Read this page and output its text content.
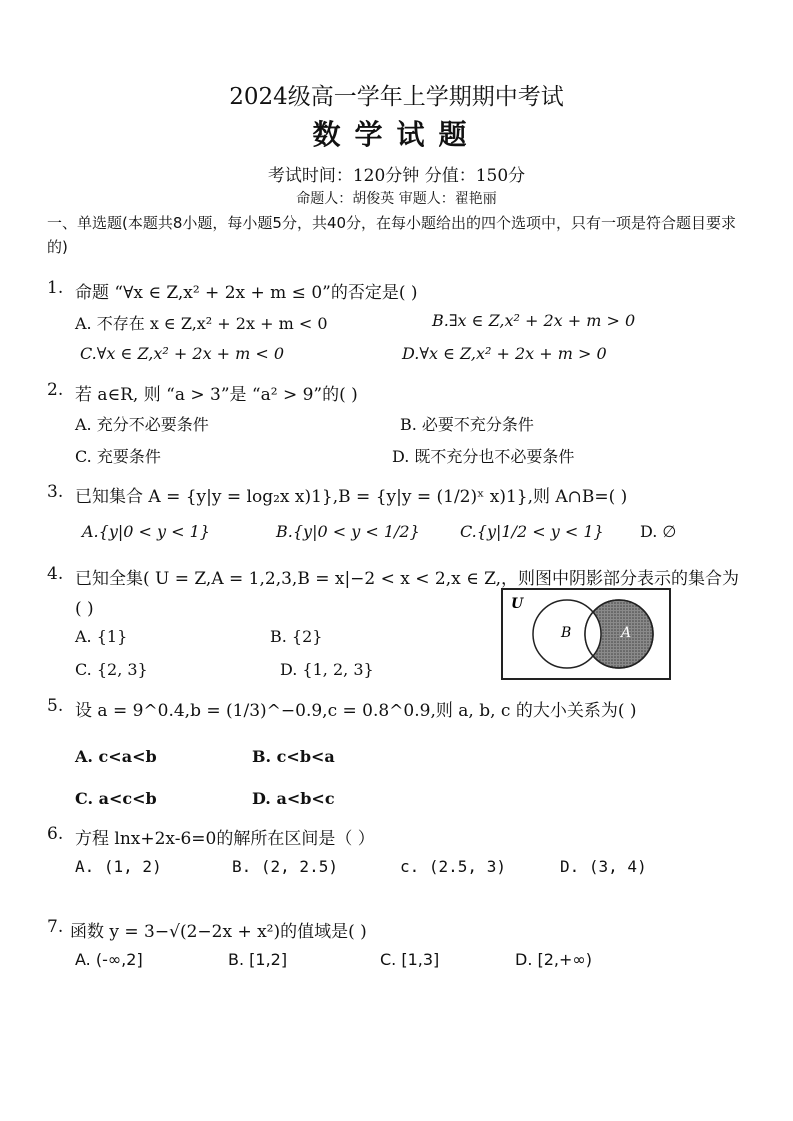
2024级高一学年上学期期中考试
数学试题
考试时间：120分钟 分值：150分
命题人：胡俊英 审题人：翟艳丽
一、单选题(本题共8小题，每小题5分，共40分，在每小题给出的四个选项中，只有一项是符合题目要求的)
1. 命题 “∀x ∈ Z,x² + 2x + m ≤ 0”的否定是( )
A. 不存在 x ∈ Z,x² + 2x + m < 0	B.∃x ∈ Z,x² + 2x + m > 0
C.∀x ∈ Z,x² + 2x + m < 0	D.∀x ∈ Z,x² + 2x + m > 0
2. 若 a∈R, 则 “a > 3”是 “a² > 9”的( )
A. 充分不必要条件	B. 必要不充分条件
C. 充要条件	D. 既不充分也不必要条件
3. 已知集合 A = {y|y = log₂x x)1},B = {y|y = (1/2)ˣ x)1},则 A∩B=( )
A.{y|0 < y < 1}	B.{y|0 < y < 1/2}	C.{y|1/2 < y < 1} D. ∅
4. 已知全集( U = Z,A = 1,2,3,B = x|−2 < x < 2,x ∈ Z,，则图中阴影部分表示的集合为( )
A. {1}	B. {2}
C. {2, 3}	D. {1, 2, 3}
U
B	A
5. 设 a = 9^0.4,b = (1/3)^−0.9,c = 0.8^0.9,则 a, b, c 的大小关系为( )
A. c<a<b	B. c<b<a
C. a<c<b	D. a<b<c
6. 方程 lnx+2x-6=0的解所在区间是（ ）
A. (1, 2)	B. (2, 2.5)	c. (2.5, 3)	D. (3, 4)
7. 函数 y = 3−√(2−2x + x²)的值域是( )
A. (-∞,2]	B. [1,2]	C. [1,3]	D. [2,+∞)
